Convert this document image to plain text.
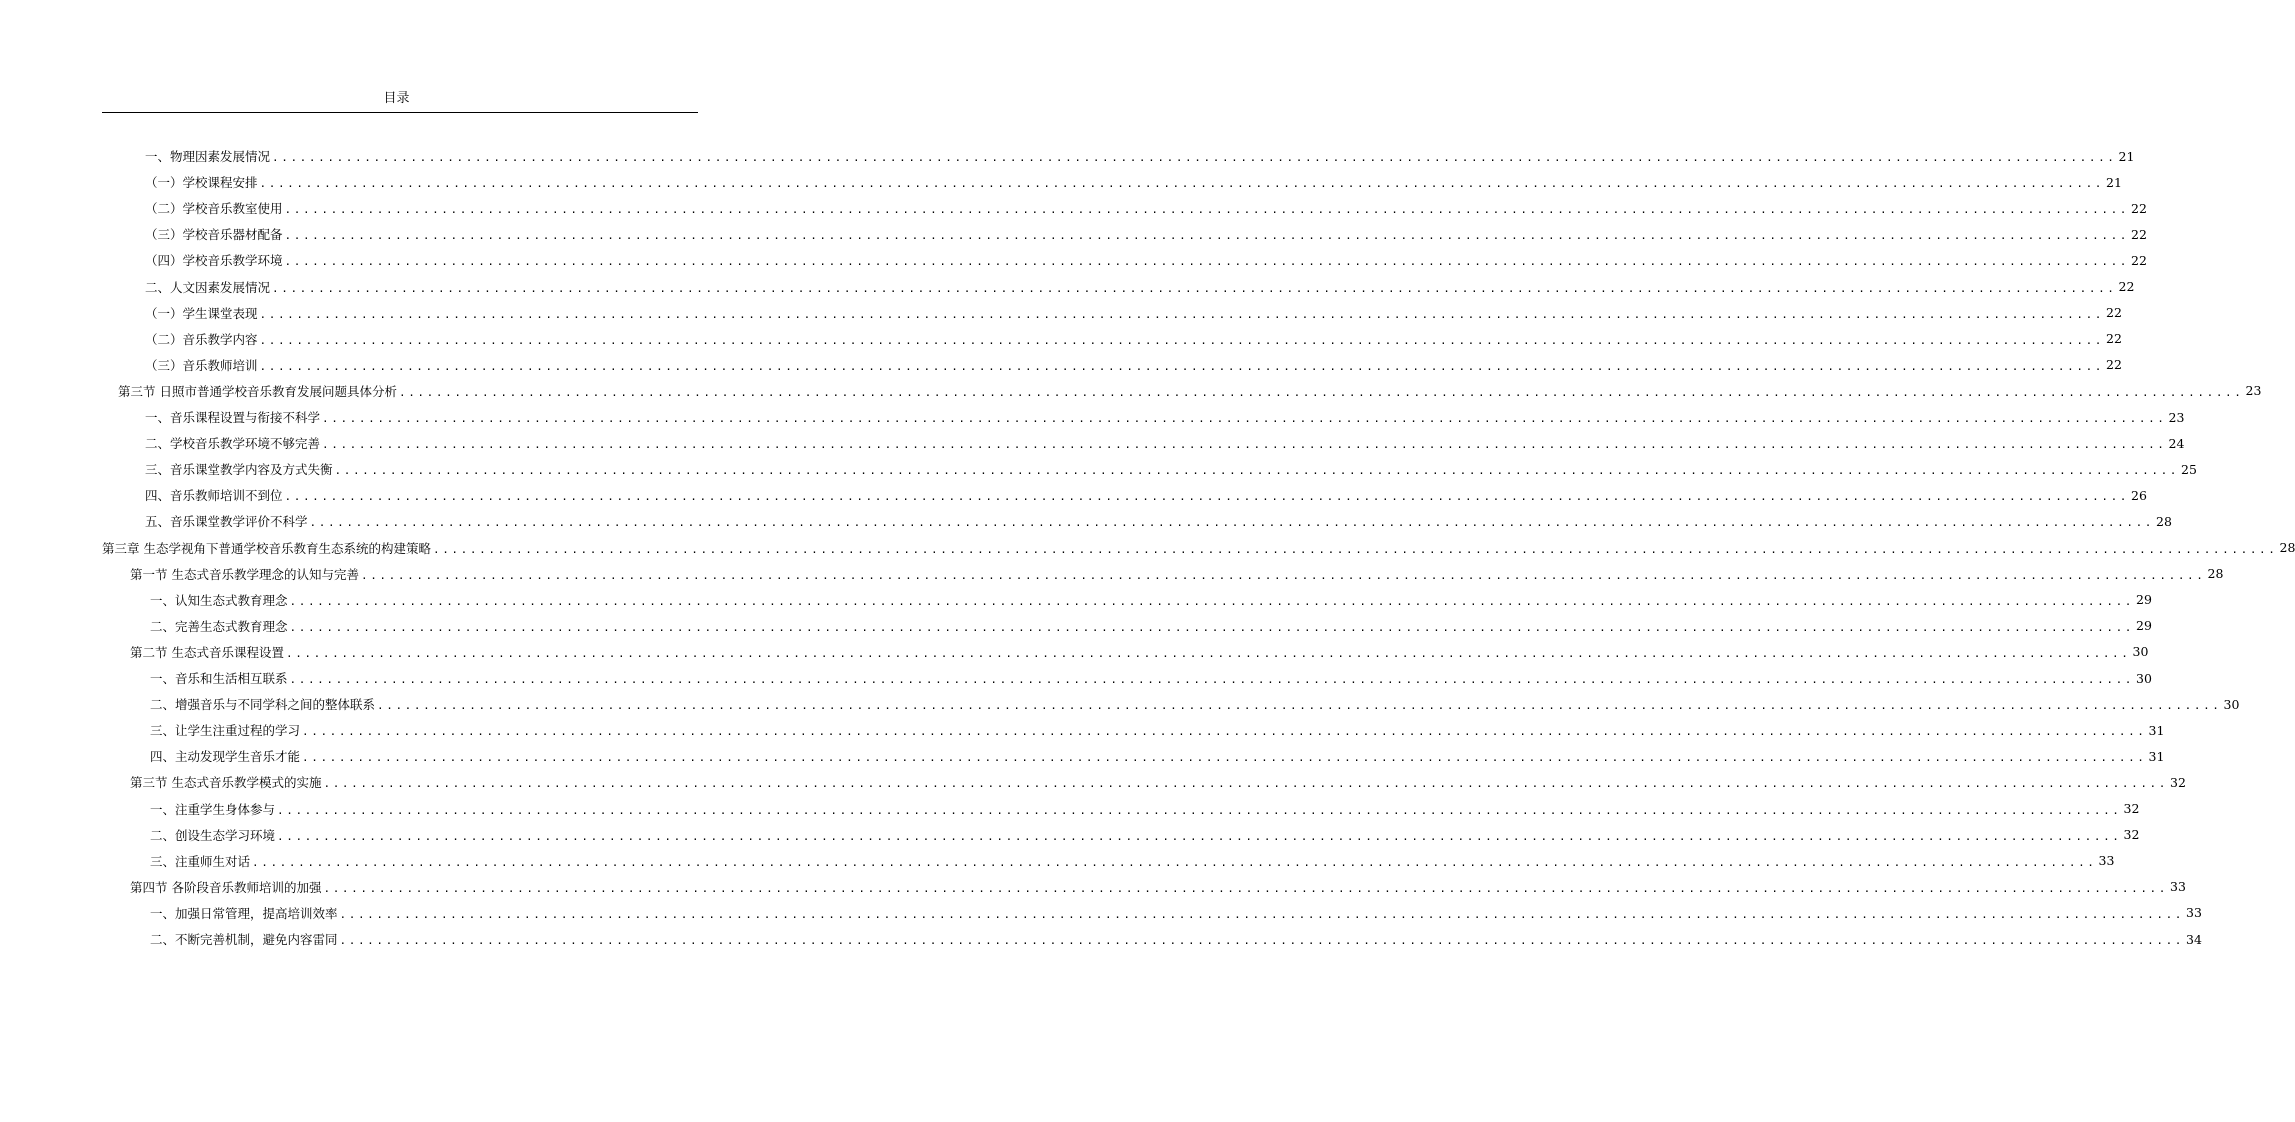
目录
一、物理因素发展情况 ........................................................................................................................................................................................................ 21
（一）学校课程安排 ........................................................................................................................................................................................................ 21
（二）学校音乐教室使用 ........................................................................................................................................................................................................ 22
（三）学校音乐器材配备 ........................................................................................................................................................................................................ 22
（四）学校音乐教学环境 ........................................................................................................................................................................................................ 22
二、人文因素发展情况 ........................................................................................................................................................................................................ 22
（一）学生课堂表现 ........................................................................................................................................................................................................ 22
（二）音乐教学内容 ........................................................................................................................................................................................................ 22
（三）音乐教师培训 ........................................................................................................................................................................................................ 22
第三节 日照市普通学校音乐教育发展问题具体分析 ........................................................................................................................................................................................................ 23
一、音乐课程设置与衔接不科学 ........................................................................................................................................................................................................ 23
二、学校音乐教学环境不够完善 ........................................................................................................................................................................................................ 24
三、音乐课堂教学内容及方式失衡 ........................................................................................................................................................................................................ 25
四、音乐教师培训不到位 ........................................................................................................................................................................................................ 26
五、音乐课堂教学评价不科学 ........................................................................................................................................................................................................ 28
第三章 生态学视角下普通学校音乐教育生态系统的构建策略 ........................................................................................................................................................................................................ 28
第一节 生态式音乐教学理念的认知与完善 ........................................................................................................................................................................................................ 28
一、认知生态式教育理念 ........................................................................................................................................................................................................ 29
二、完善生态式教育理念 ........................................................................................................................................................................................................ 29
第二节 生态式音乐课程设置 ........................................................................................................................................................................................................ 30
一、音乐和生活相互联系 ........................................................................................................................................................................................................ 30
二、增强音乐与不同学科之间的整体联系 ........................................................................................................................................................................................................ 30
三、让学生注重过程的学习 ........................................................................................................................................................................................................ 31
四、主动发现学生音乐才能 ........................................................................................................................................................................................................ 31
第三节 生态式音乐教学模式的实施 ........................................................................................................................................................................................................ 32
一、注重学生身体参与 ........................................................................................................................................................................................................ 32
二、创设生态学习环境 ........................................................................................................................................................................................................ 32
三、注重师生对话 ........................................................................................................................................................................................................ 33
第四节 各阶段音乐教师培训的加强 ........................................................................................................................................................................................................ 33
一、加强日常管理，提高培训效率 ........................................................................................................................................................................................................ 33
二、不断完善机制，避免内容雷同 ........................................................................................................................................................................................................ 34
